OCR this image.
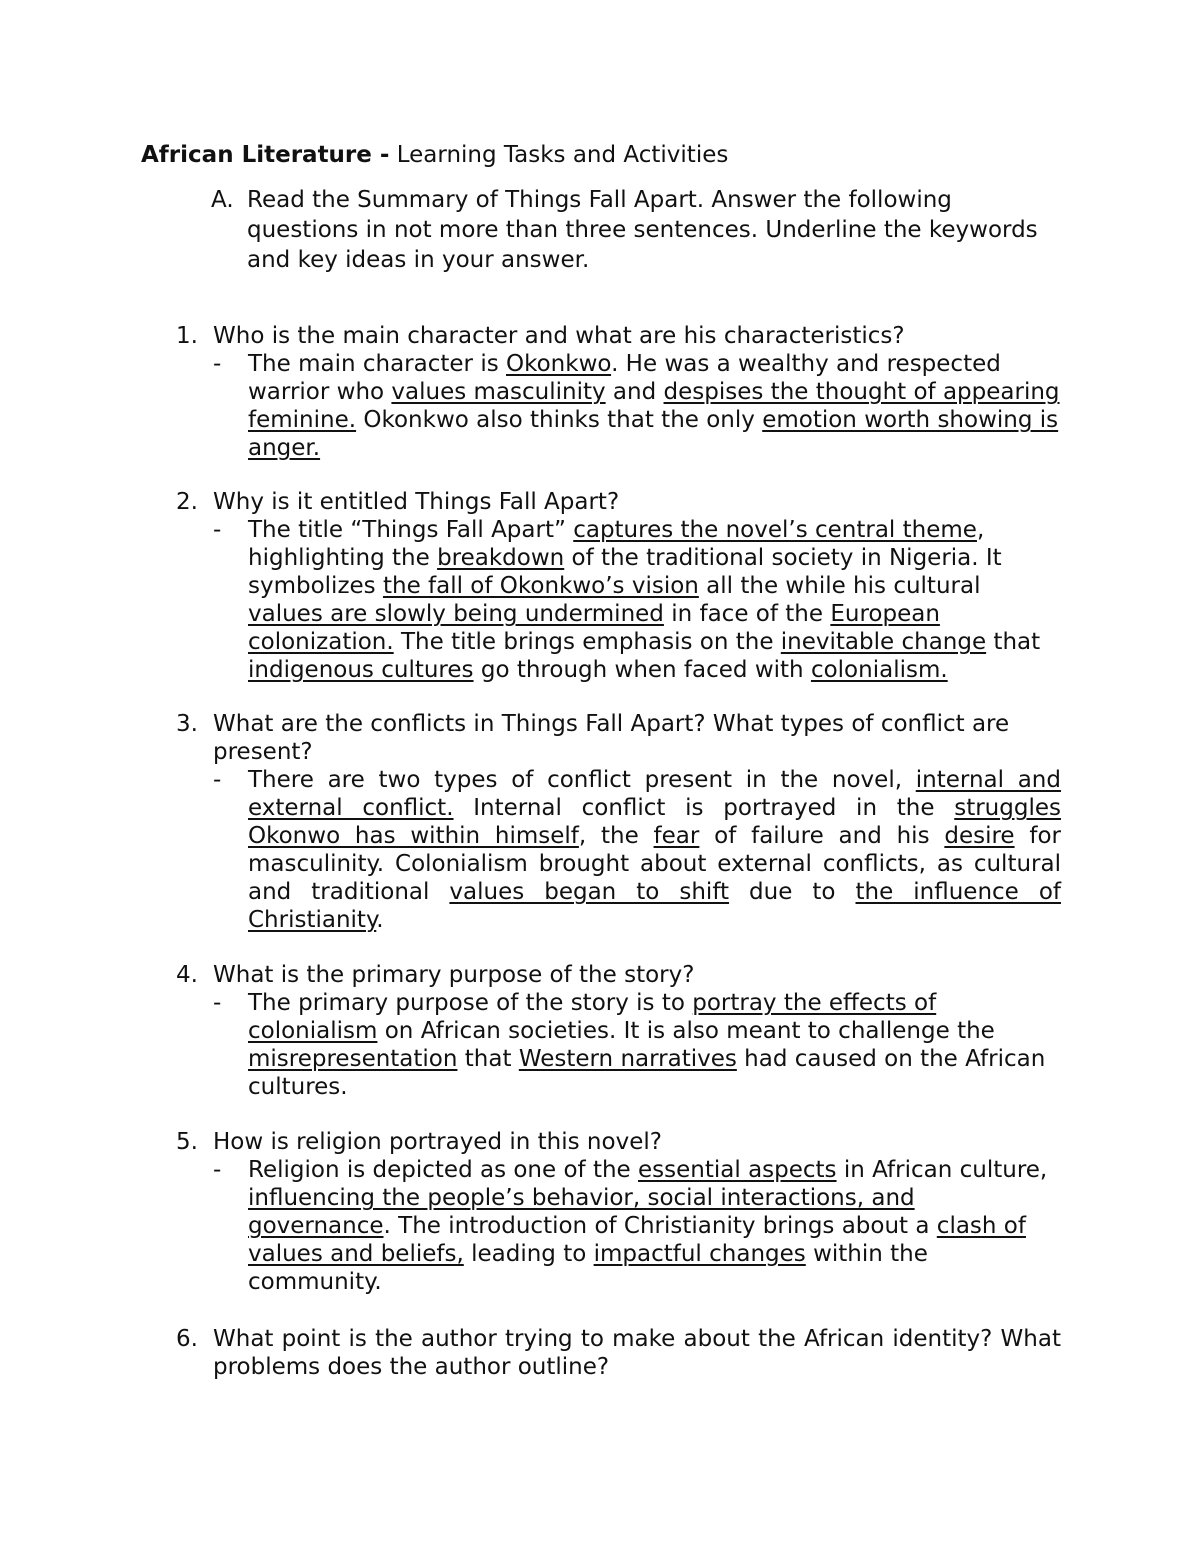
African Literature - Learning Tasks and Activities
A. Read the Summary of Things Fall Apart. Answer the following questions in not more than three sentences. Underline the keywords and key ideas in your answer.
1. Who is the main character and what are his characteristics?
- The main character is Okonkwo. He was a wealthy and respected warrior who values masculinity and despises the thought of appearing feminine. Okonkwo also thinks that the only emotion worth showing is anger.
2. Why is it entitled Things Fall Apart?
- The title “Things Fall Apart” captures the novel’s central theme, highlighting the breakdown of the traditional society in Nigeria. It symbolizes the fall of Okonkwo’s vision all the while his cultural values are slowly being undermined in face of the European colonization. The title brings emphasis on the inevitable change that indigenous cultures go through when faced with colonialism.
3. What are the conflicts in Things Fall Apart? What types of conflict are present?
- There are two types of conflict present in the novel, internal and external conflict. Internal conflict is portrayed in the struggles Okonwo has within himself, the fear of failure and his desire for masculinity. Colonialism brought about external conflicts, as cultural and traditional values began to shift due to the influence of Christianity.
4. What is the primary purpose of the story?
- The primary purpose of the story is to portray the effects of colonialism on African societies. It is also meant to challenge the misrepresentation that Western narratives had caused on the African cultures.
5. How is religion portrayed in this novel?
- Religion is depicted as one of the essential aspects in African culture, influencing the people’s behavior, social interactions, and governance. The introduction of Christianity brings about a clash of values and beliefs, leading to impactful changes within the community.
6. What point is the author trying to make about the African identity? What problems does the author outline?
